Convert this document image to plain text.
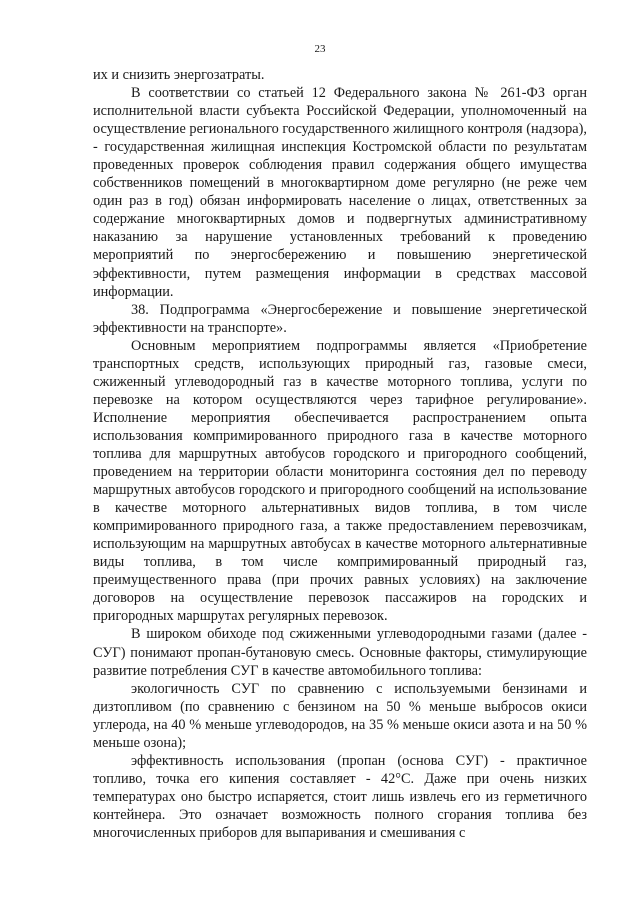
23

их и снизить энергозатраты.

В соответствии со статьей 12 Федерального закона № 261-ФЗ орган исполнительной власти субъекта Российской Федерации, уполномоченный на осуществление регионального государственного жилищного контроля (надзора), - государственная жилищная инспекция Костромской области по результатам проведенных проверок соблюдения правил содержания общего имущества собственников помещений в многоквартирном доме регулярно (не реже чем один раз в год) обязан информировать население о лицах, ответственных за содержание многоквартирных домов и подвергнутых административному наказанию за нарушение установленных требований к проведению мероприятий по энергосбережению и повышению энергетической эффективности, путем размещения информации в средствах массовой информации.

38. Подпрограмма «Энергосбережение и повышение энергетической эффективности на транспорте».

Основным мероприятием подпрограммы является «Приобретение транспортных средств, использующих природный газ, газовые смеси, сжиженный углеводородный газ в качестве моторного топлива, услуги по перевозке на котором осуществляются через тарифное регулирование». Исполнение мероприятия обеспечивается распространением опыта использования компримированного природного газа в качестве моторного топлива для маршрутных автобусов городского и пригородного сообщений, проведением на территории области мониторинга состояния дел по переводу маршрутных автобусов городского и пригородного сообщений на использование в качестве моторного альтернативных видов топлива, в том числе компримированного природного газа, а также предоставлением перевозчикам, использующим на маршрутных автобусах в качестве моторного альтернативные виды топлива, в том числе компримированный природный газ, преимущественного права (при прочих равных условиях) на заключение договоров на осуществление перевозок пассажиров на городских и пригородных маршрутах регулярных перевозок.

В широком обиходе под сжиженными углеводородными газами (далее - СУГ) понимают пропан-бутановую смесь. Основные факторы, стимулирующие развитие потребления СУГ в качестве автомобильного топлива:

экологичность СУГ по сравнению с используемыми бензинами и дизтопливом (по сравнению с бензином на 50 % меньше выбросов окиси углерода, на 40 % меньше углеводородов, на 35 % меньше окиси азота и на 50 % меньше озона);

эффективность использования (пропан (основа СУГ) - практичное топливо, точка его кипения составляет - 42°С. Даже при очень низких температурах оно быстро испаряется, стоит лишь извлечь его из герметичного контейнера. Это означает возможность полного сгорания топлива без многочисленных приборов для выпаривания и смешивания с
